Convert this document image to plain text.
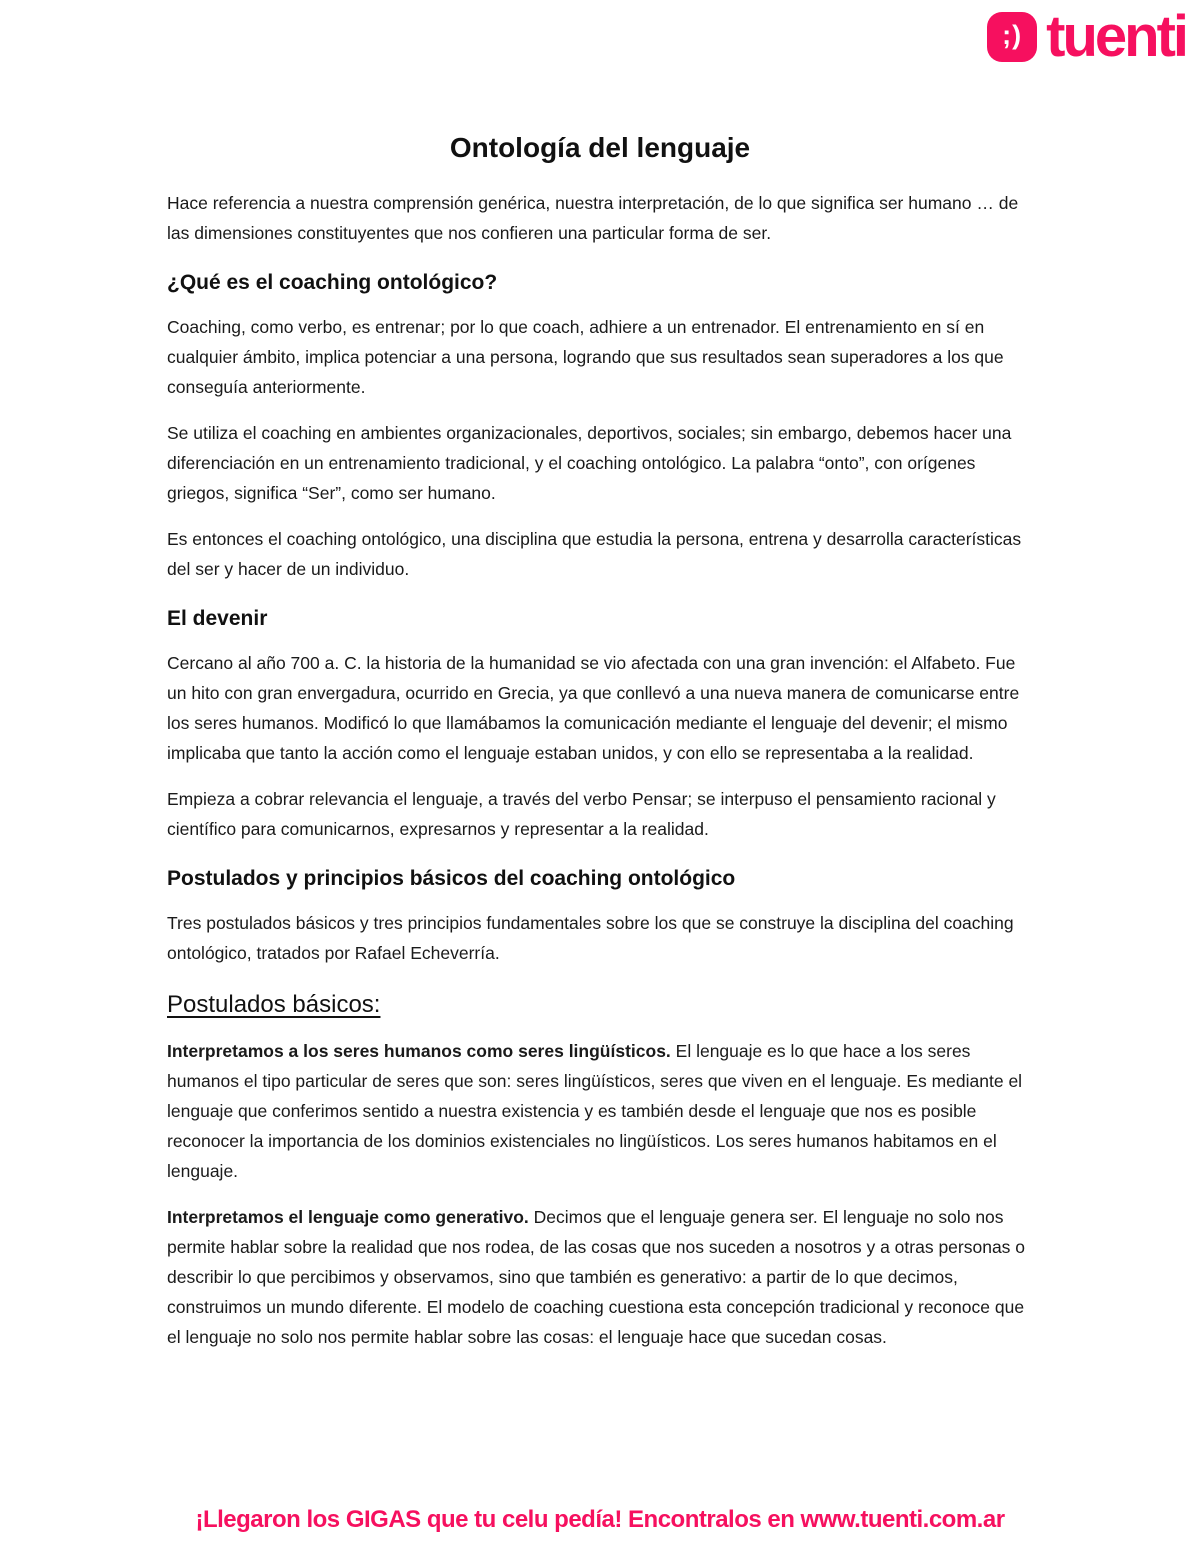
;) tuenti
Ontología del lenguaje

Hace referencia a nuestra comprensión genérica, nuestra interpretación, de lo que significa ser humano … de las dimensiones constituyentes que nos confieren una particular forma de ser.

¿Qué es el coaching ontológico?

Coaching, como verbo, es entrenar; por lo que coach, adhiere a un entrenador. El entrenamiento en sí en cualquier ámbito, implica potenciar a una persona, logrando que sus resultados sean superadores a los que conseguía anteriormente.

Se utiliza el coaching en ambientes organizacionales, deportivos, sociales; sin embargo, debemos hacer una diferenciación en un entrenamiento tradicional, y el coaching ontológico. La palabra “onto”, con orígenes griegos, significa “Ser”, como ser humano.

Es entonces el coaching ontológico, una disciplina que estudia la persona, entrena y desarrolla características del ser y hacer de un individuo.

El devenir

Cercano al año 700 a. C. la historia de la humanidad se vio afectada con una gran invención: el Alfabeto. Fue un hito con gran envergadura, ocurrido en Grecia, ya que conllevó a una nueva manera de comunicarse entre los seres humanos. Modificó lo que llamábamos la comunicación mediante el lenguaje del devenir; el mismo implicaba que tanto la acción como el lenguaje estaban unidos, y con ello se representaba a la realidad.

Empieza a cobrar relevancia el lenguaje, a través del verbo Pensar; se interpuso el pensamiento racional y científico para comunicarnos, expresarnos y representar a la realidad.

Postulados y principios básicos del coaching ontológico

Tres postulados básicos y tres principios fundamentales sobre los que se construye la disciplina del coaching ontológico, tratados por Rafael Echeverría.

Postulados básicos:

Interpretamos a los seres humanos como seres lingüísticos. El lenguaje es lo que hace a los seres humanos el tipo particular de seres que son: seres lingüísticos, seres que viven en el lenguaje. Es mediante el lenguaje que conferimos sentido a nuestra existencia y es también desde el lenguaje que nos es posible reconocer la importancia de los dominios existenciales no lingüísticos. Los seres humanos habitamos en el lenguaje.

Interpretamos el lenguaje como generativo. Decimos que el lenguaje genera ser. El lenguaje no solo nos permite hablar sobre la realidad que nos rodea, de las cosas que nos suceden a nosotros y a otras personas o describir lo que percibimos y observamos, sino que también es generativo: a partir de lo que decimos, construimos un mundo diferente. El modelo de coaching cuestiona esta concepción tradicional y reconoce que el lenguaje no solo nos permite hablar sobre las cosas: el lenguaje hace que sucedan cosas.

¡Llegaron los GIGAS que tu celu pedía! Encontralos en www.tuenti.com.ar
